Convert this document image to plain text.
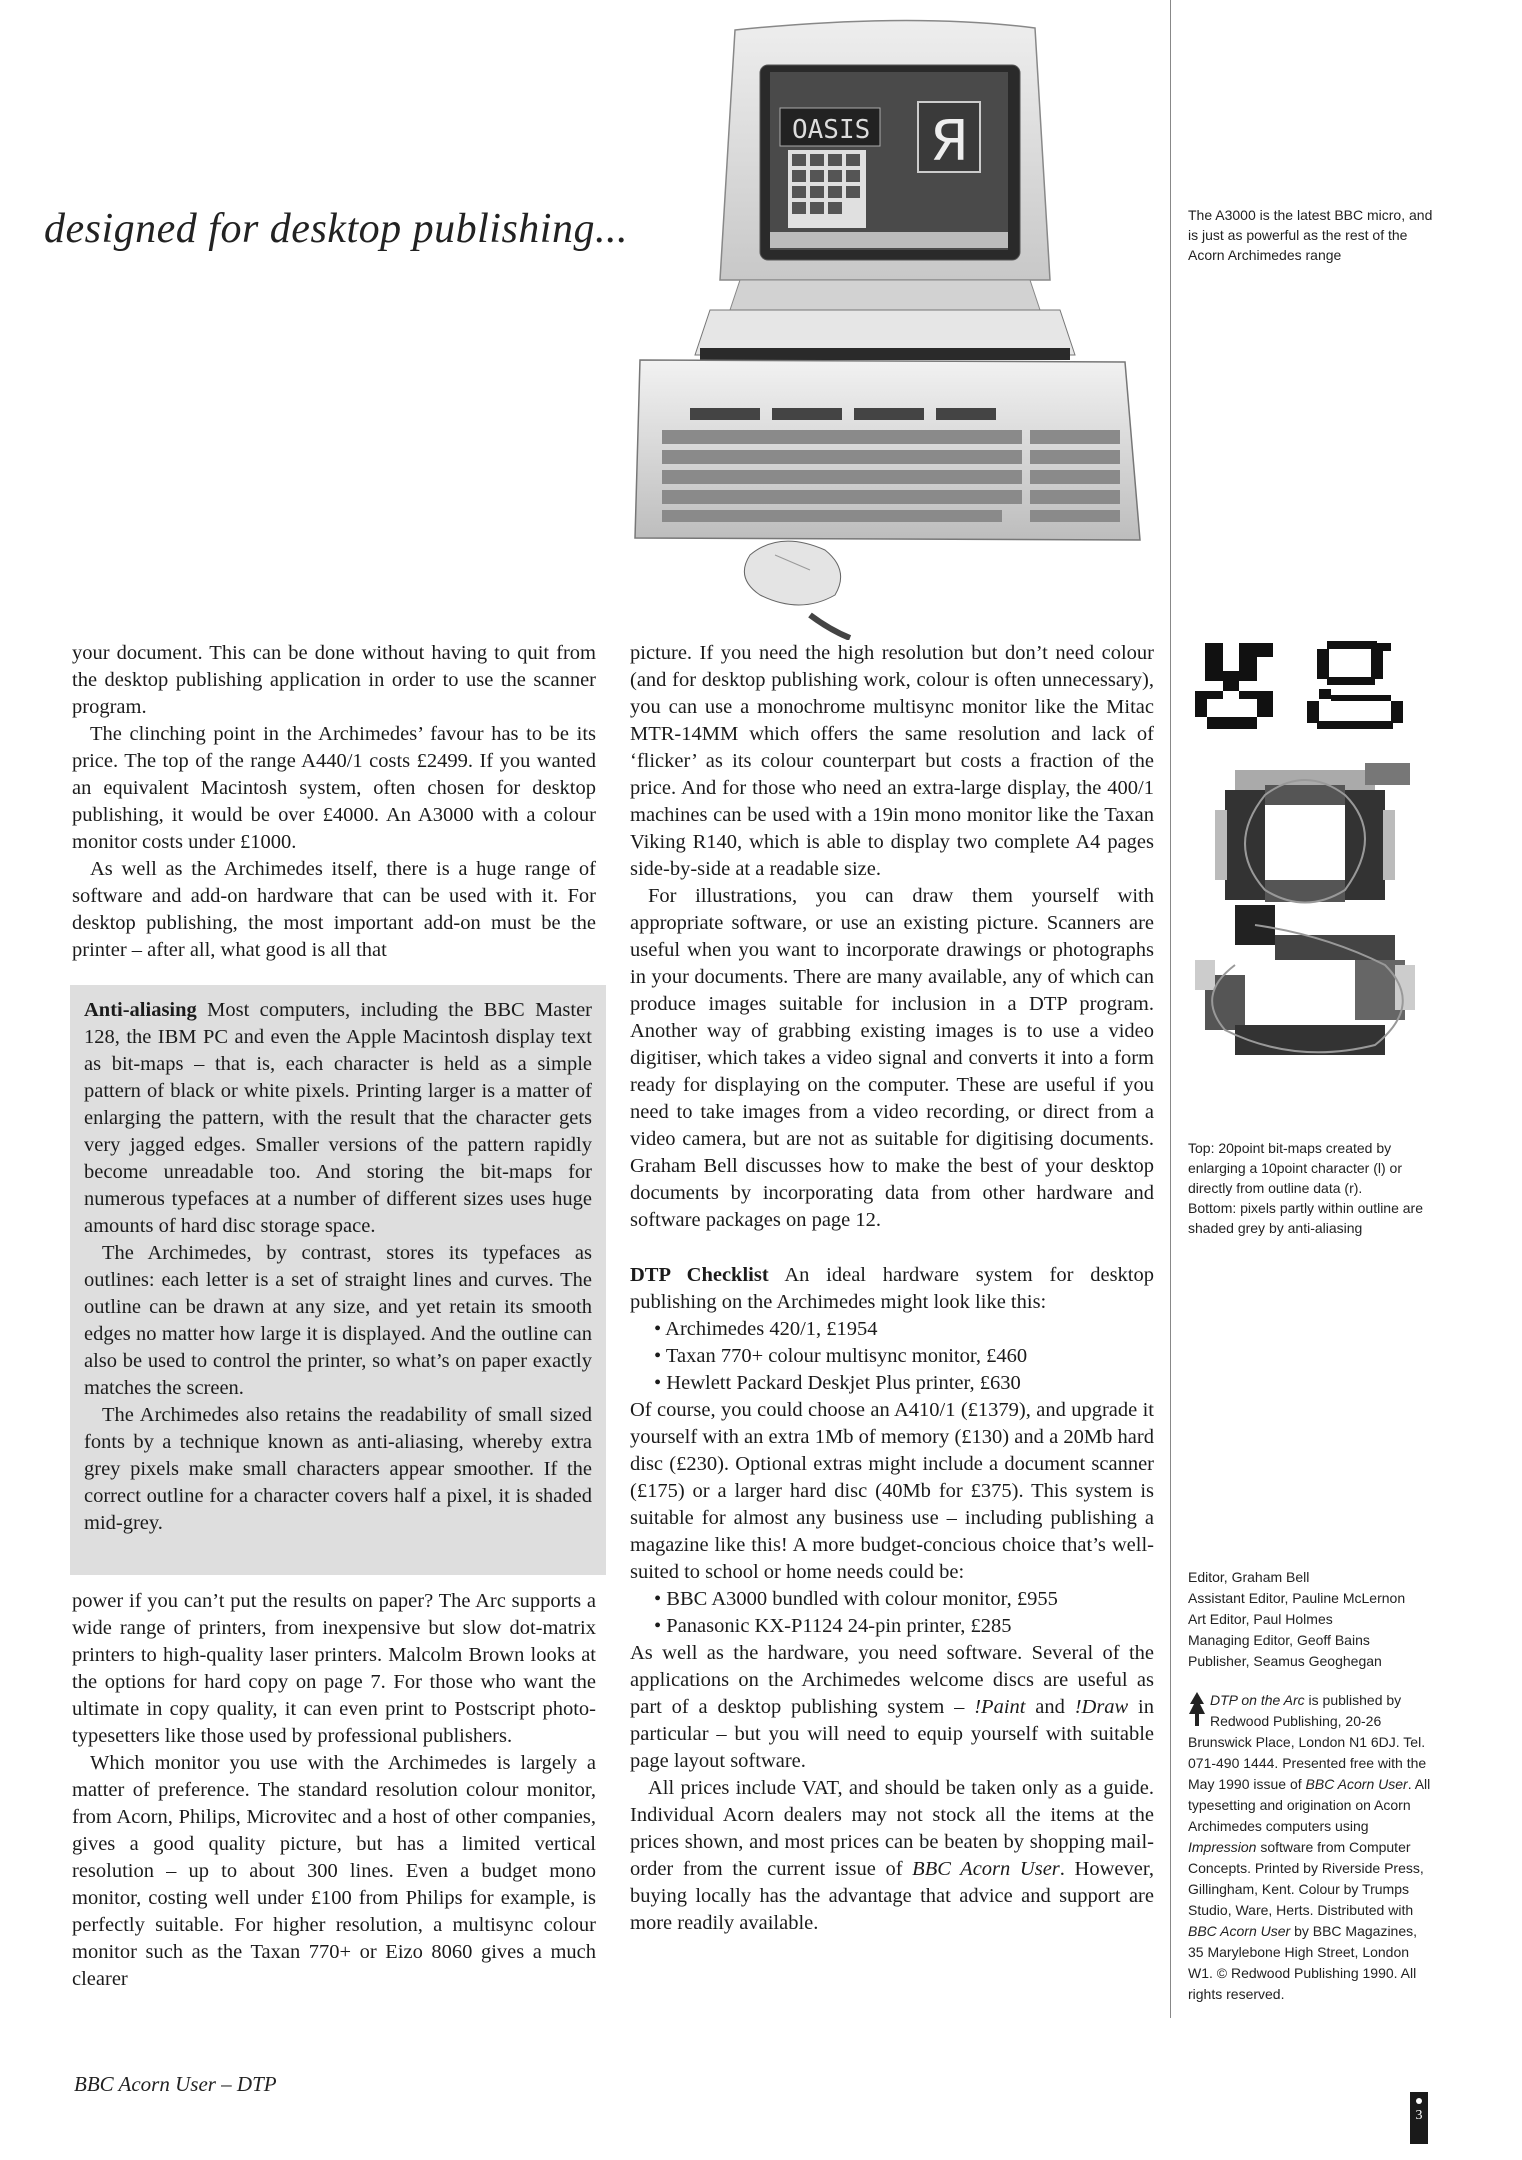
designed for desktop publishing...
OASIS Я
The A3000 is the latest BBC micro, and is just as powerful as the rest of the Acorn Archimedes range

your document. This can be done without having to quit from the desktop publishing application in order to use the scanner program.

The clinching point in the Archimedes’ favour has to be its price. The top of the range A440/1 costs £2499. If you wanted an equivalent Macintosh system, often chosen for desktop publishing, it would be over £4000. An A3000 with a colour monitor costs under £1000.

As well as the Archimedes itself, there is a huge range of software and add-on hardware that can be used with it. For desktop publishing, the most important add-on must be the printer – after all, what good is all that

Anti-aliasing Most computers, including the BBC Master 128, the IBM PC and even the Apple Macintosh display text as bit-maps – that is, each character is held as a simple pattern of black or white pixels. Printing larger is a matter of enlarging the pattern, with the result that the character gets very jagged edges. Smaller versions of the pattern rapidly become unreadable too. And storing the bit-maps for numerous typefaces at a number of different sizes uses huge amounts of hard disc storage space.

The Archimedes, by contrast, stores its typefaces as outlines: each letter is a set of straight lines and curves. The outline can be drawn at any size, and yet retain its smooth edges no matter how large it is displayed. And the outline can also be used to control the printer, so what’s on paper exactly matches the screen.

The Archimedes also retains the readability of small sized fonts by a technique known as anti-aliasing, whereby extra grey pixels make small characters appear smoother. If the correct outline for a character covers half a pixel, it is shaded mid-grey.

power if you can’t put the results on paper? The Arc supports a wide range of printers, from inexpensive but slow dot-matrix printers to high-quality laser printers. Malcolm Brown looks at the options for hard copy on page 7. For those who want the ultimate in copy quality, it can even print to Postscript photo-typesetters like those used by professional publishers.

Which monitor you use with the Archimedes is largely a matter of preference. The standard resolution colour monitor, from Acorn, Philips, Microvitec and a host of other companies, gives a good quality picture, but has a limited vertical resolution – up to about 300 lines. Even a budget mono monitor, costing well under £100 from Philips for example, is perfectly suitable. For higher resolution, a multisync colour monitor such as the Taxan 770+ or Eizo 8060 gives a much clearer

picture. If you need the high resolution but don’t need colour (and for desktop publishing work, colour is often unnecessary), you can use a monochrome multisync monitor like the Mitac MTR-14MM which offers the same resolution and lack of ‘flicker’ as its colour counterpart but costs a fraction of the price. And for those who need an extra-large display, the 400/1 machines can be used with a 19in mono monitor like the Taxan Viking R140, which is able to display two complete A4 pages side-by-side at a readable size.

For illustrations, you can draw them yourself with appropriate software, or use an existing picture. Scanners are useful when you want to incorporate drawings or photographs in your documents. There are many available, any of which can produce images suitable for inclusion in a DTP program. Another way of grabbing existing images is to use a video digitiser, which takes a video signal and converts it into a form ready for displaying on the computer. These are useful if you need to take images from a video recording, or direct from a video camera, but are not as suitable for digitising documents. Graham Bell discusses how to make the best of your desktop documents by incorporating data from other hardware and software packages on page 12.

DTP Checklist An ideal hardware system for desktop publishing on the Archimedes might look like this:

• Archimedes 420/1, £1954

• Taxan 770+ colour multisync monitor, £460

• Hewlett Packard Deskjet Plus printer, £630

Of course, you could choose an A410/1 (£1379), and upgrade it yourself with an extra 1Mb of memory (£130) and a 20Mb hard disc (£230). Optional extras might include a document scanner (£175) or a larger hard disc (40Mb for £375). This system is suitable for almost any business use – including publishing a magazine like this! A more budget-concious choice that’s well-suited to school or home needs could be:

• BBC A3000 bundled with colour monitor, £955

• Panasonic KX-P1124 24-pin printer, £285

As well as the hardware, you need software. Several of the applications on the Archimedes welcome discs are useful as part of a desktop publishing system – !Paint and !Draw in particular – but you will need to equip yourself with suitable page layout software.

All prices include VAT, and should be taken only as a guide. Individual Acorn dealers may not stock all the items at the prices shown, and most prices can be beaten by shopping mail-order from the current issue of BBC Acorn User. However, buying locally has the advantage that advice and support are more readily available.

Top: 20point bit-maps created by enlarging a 10point character (l) or directly from outline data (r).
Bottom: pixels partly within outline are shaded grey by anti-aliasing
Editor, Graham Bell
Assistant Editor, Pauline McLernon
Art Editor, Paul Holmes
Managing Editor, Geoff Bains
Publisher, Seamus Geoghegan
DTP on the Arc is published by Redwood Publishing, 20-26 Brunswick Place, London N1 6DJ. Tel. 071-490 1444. Presented free with the May 1990 issue of BBC Acorn User. All typesetting and origination on Acorn Archimedes computers using Impression software from Computer Concepts. Printed by Riverside Press, Gillingham, Kent. Colour by Trumps Studio, Ware, Herts. Distributed with BBC Acorn User by BBC Magazines, 35 Marylebone High Street, London W1. © Redwood Publishing 1990. All rights reserved.
BBC Acorn User – DTP
3
